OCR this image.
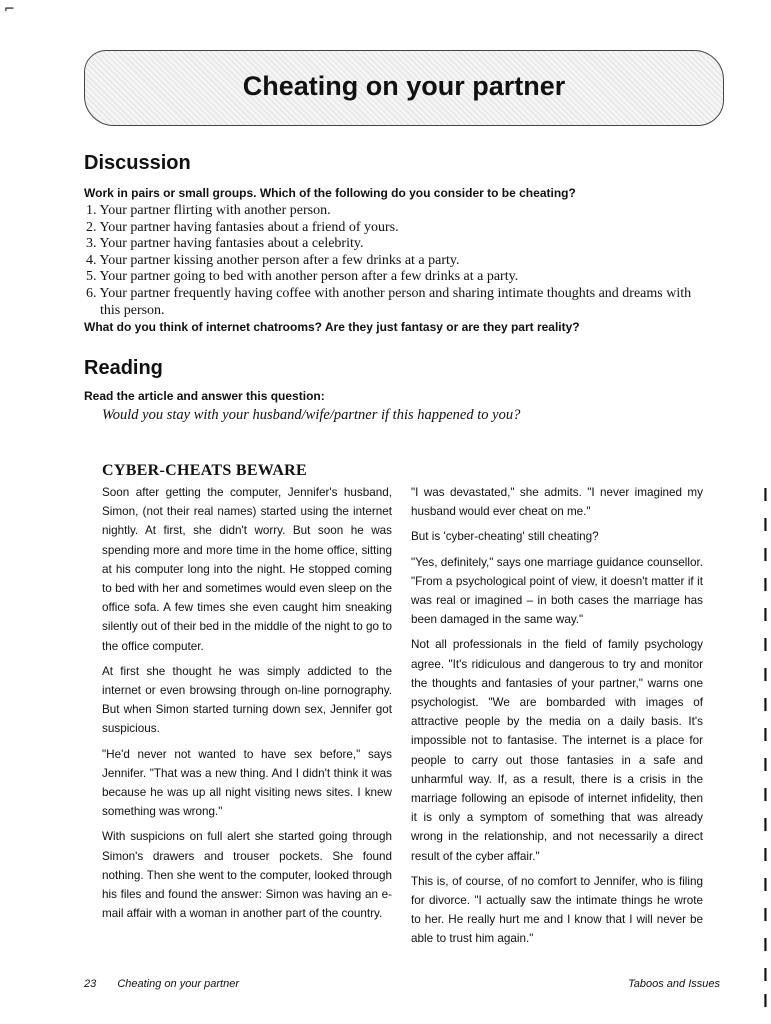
⌐
❙
❙
❙
❙
❙
❙
❙
❙
❙
❙
❙
❙
❙
❙
❙
❙
❙
❙
Cheating on your partner
Discussion

Work in pairs or small groups. Which of the following do you consider to be cheating?

1. Your partner flirting with another person.
2. Your partner having fantasies about a friend of yours.
3. Your partner having fantasies about a celebrity.
4. Your partner kissing another person after a few drinks at a party.
5. Your partner going to bed with another person after a few drinks at a party.
6. Your partner frequently having coffee with another person and sharing intimate thoughts and dreams with this person.

What do you think of internet chatrooms? Are they just fantasy or are they part reality?

Reading

Read the article and answer this question:

Would you stay with your husband/wife/partner if this happened to you?

CYBER-CHEATS BEWARE

Soon after getting the computer, Jennifer's husband, Simon, (not their real names) started using the internet nightly. At first, she didn't worry. But soon he was spending more and more time in the home office, sitting at his computer long into the night. He stopped coming to bed with her and sometimes would even sleep on the office sofa. A few times she even caught him sneaking silently out of their bed in the middle of the night to go to the office computer.

At first she thought he was simply addicted to the internet or even browsing through on-line pornography. But when Simon started turning down sex, Jennifer got suspicious.

"He'd never not wanted to have sex before," says Jennifer. "That was a new thing. And I didn't think it was because he was up all night visiting news sites. I knew something was wrong."

With suspicions on full alert she started going through Simon's drawers and trouser pockets. She found nothing. Then she went to the computer, looked through his files and found the answer: Simon was having an e-mail affair with a woman in another part of the country.

"I was devastated," she admits. "I never imagined my husband would ever cheat on me."

But is 'cyber-cheating' still cheating?

"Yes, definitely," says one marriage guidance counsellor. "From a psychological point of view, it doesn't matter if it was real or imagined – in both cases the marriage has been damaged in the same way."

Not all professionals in the field of family psychology agree. "It's ridiculous and dangerous to try and monitor the thoughts and fantasies of your partner," warns one psychologist. "We are bombarded with images of attractive people by the media on a daily basis. It's impossible not to fantasise. The internet is a place for people to carry out those fantasies in a safe and unharmful way. If, as a result, there is a crisis in the marriage following an episode of internet infidelity, then it is only a symptom of something that was already wrong in the relationship, and not necessarily a direct result of the cyber affair."

This is, of course, of no comfort to Jennifer, who is filing for divorce. "I actually saw the intimate things he wrote to her. He really hurt me and I know that I will never be able to trust him again."

23 Cheating on your partner	Taboos and Issues
